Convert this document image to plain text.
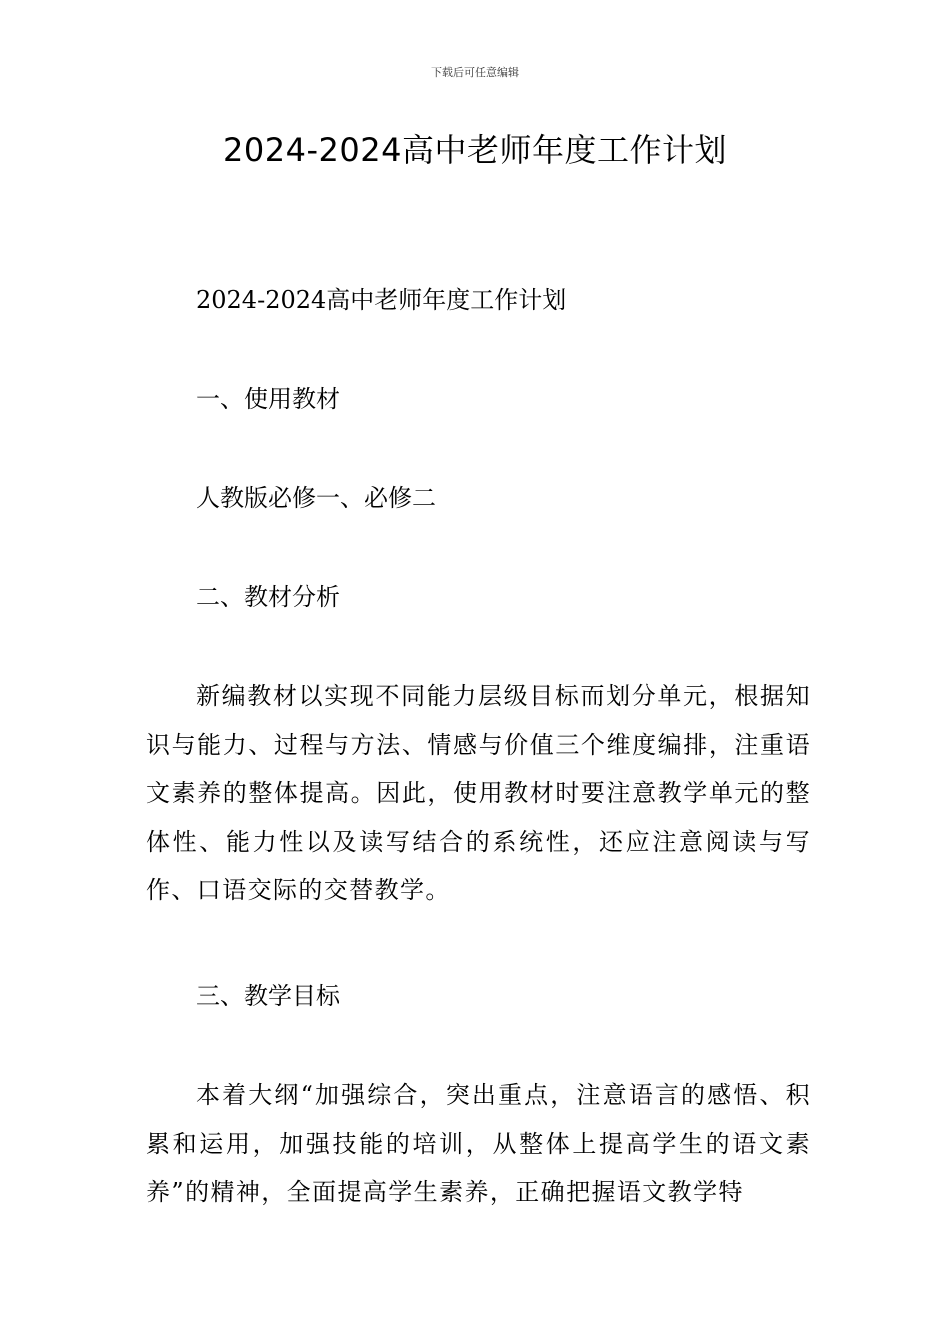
下载后可任意编辑
2024-2024高中老师年度工作计划

2024-2024高中老师年度工作计划

一、使用教材

人教版必修一、必修二

二、教材分析

新编教材以实现不同能力层级目标而划分单元，根据知识与能力、过程与方法、情感与价值三个维度编排，注重语文素养的整体提高。因此，使用教材时要注意教学单元的整体性、能力性以及读写结合的系统性，还应注意阅读与写作、口语交际的交替教学。

三、教学目标

本着大纲“加强综合，突出重点，注意语言的感悟、积累和运用，加强技能的培训，从整体上提高学生的语文素养”的精神，全面提高学生素养，正确把握语文教学特
